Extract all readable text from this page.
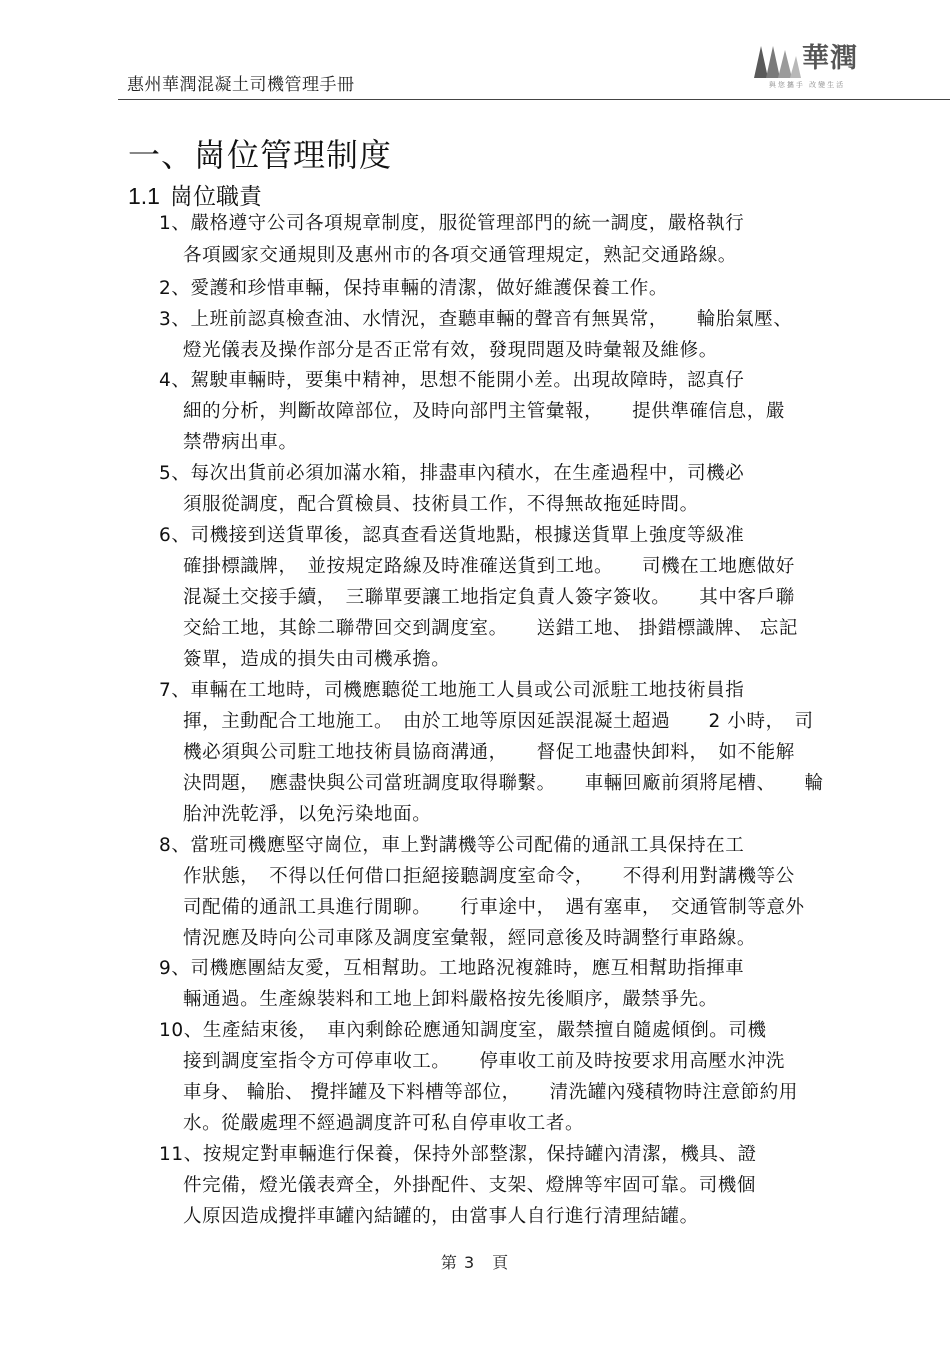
惠州華潤混凝土司機管理手冊
華潤
與您攜手 改變生活
一、崗位管理制度
1.1 崗位職責
1、嚴格遵守公司各項規章制度，服從管理部門的統一調度，嚴格執行
各項國家交通規則及惠州市的各項交通管理規定，熟記交通路線。
2、愛護和珍惜車輛，保持車輛的清潔，做好維護保養工作。
3、上班前認真檢查油、水情況，查聽車輛的聲音有無異常，　　輪胎氣壓、
燈光儀表及操作部分是否正常有效，發現問題及時彙報及維修。
4、駕駛車輛時，要集中精神，思想不能開小差。出現故障時，認真仔
細的分析，判斷故障部位，及時向部門主管彙報，　　提供準確信息，嚴
禁帶病出車。
5、每次出貨前必須加滿水箱，排盡車內積水，在生產過程中，司機必
須服從調度，配合質檢員、技術員工作，不得無故拖延時間。
6、司機接到送貨單後，認真查看送貨地點，根據送貨單上強度等級准
確掛標識牌，　並按規定路線及時准確送貨到工地。　　司機在工地應做好
混凝土交接手續，　三聯單要讓工地指定負責人簽字簽收。　　其中客戶聯
交給工地，其餘二聯帶回交到調度室。　　送錯工地、 掛錯標識牌、 忘記
簽單，造成的損失由司機承擔。
7、車輛在工地時，司機應聽從工地施工人員或公司派駐工地技術員指
揮，主動配合工地施工。　由於工地等原因延誤混凝土超過　　2 小時，　司
機必須與公司駐工地技術員協商溝通，　　督促工地盡快卸料，　如不能解
決問題，　應盡快與公司當班調度取得聯繫。　　車輛回廠前須將尾槽、　　輪
胎沖洗乾淨，以免污染地面。
8、當班司機應堅守崗位，車上對講機等公司配備的通訊工具保持在工
作狀態，　不得以任何借口拒絕接聽調度室命令，　　不得利用對講機等公
司配備的通訊工具進行閒聊。　　行車途中，　遇有塞車，　交通管制等意外
情況應及時向公司車隊及調度室彙報，經同意後及時調整行車路線。
9、司機應團結友愛，互相幫助。工地路況複雜時，應互相幫助指揮車
輛通過。生產線裝料和工地上卸料嚴格按先後順序，嚴禁爭先。
10、生產結束後，　車內剩餘砼應通知調度室，嚴禁擅自隨處傾倒。司機
接到調度室指令方可停車收工。　　停車收工前及時按要求用高壓水沖洗
車身、 輪胎、 攪拌罐及下料槽等部位，　　清洗罐內殘積物時注意節約用
水。從嚴處理不經過調度許可私自停車收工者。
11、按規定對車輛進行保養，保持外部整潔，保持罐內清潔，機具、證
件完備，燈光儀表齊全，外掛配件、支架、燈牌等牢固可靠。司機個
人原因造成攪拌車罐內結罐的，由當事人自行進行清理結罐。
第 3　頁
